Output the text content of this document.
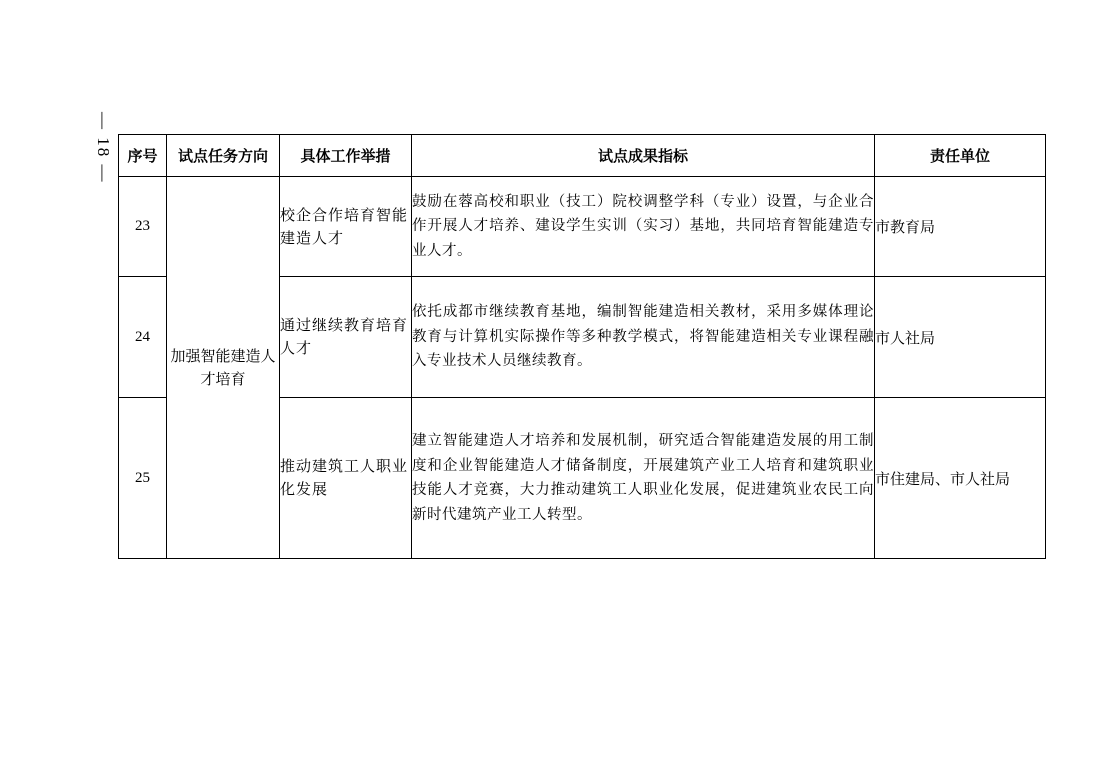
— 18 — 序号	试点任务方向	具体工作举措	试点成果指标	责任单位
23	加强智能建造人才培育	校企合作培育智能建造人才	鼓励在蓉高校和职业（技工）院校调整学科（专业）设置，与企业合作开展人才培养、建设学生实训（实习）基地，共同培育智能建造专业人才。	市教育局
24		通过继续教育培育人才	依托成都市继续教育基地，编制智能建造相关教材，采用多媒体理论教育与计算机实际操作等多种教学模式，将智能建造相关专业课程融入专业技术人员继续教育。	市人社局
25		推动建筑工人职业化发展	建立智能建造人才培养和发展机制，研究适合智能建造发展的用工制度和企业智能建造人才储备制度，开展建筑产业工人培育和建筑职业技能人才竞赛，大力推动建筑工人职业化发展，促进建筑业农民工向新时代建筑产业工人转型。	市住建局、市人社局
